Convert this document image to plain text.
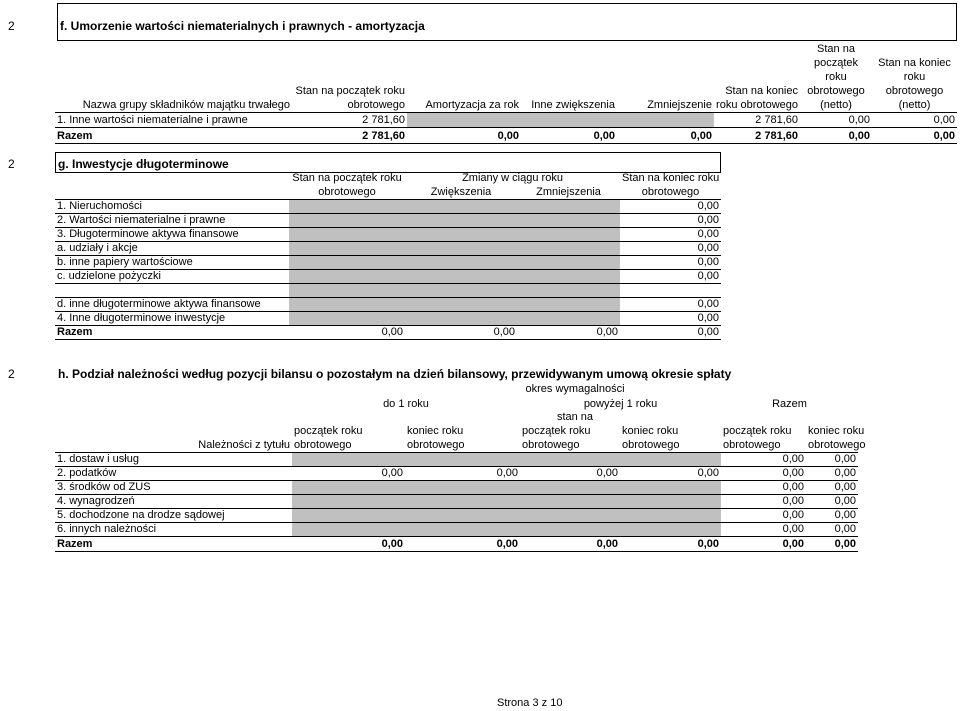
2	f. Umorzenie wartości niematerialnych i prawnych - amortyzacja
Nazwa grupy składników majątku trwałego	Stan na początek roku obrotowego	Amortyzacja za rok	Inne zwiększenia	Zmniejszenie	Stan na koniec roku obrotowego	Stan na początek roku obrotowego (netto)	Stan na koniec roku obrotowego (netto)
1. Inne wartości niematerialne i prawne	2 781,60				2 781,60	0,00	0,00
Razem	2 781,60	0,00	0,00	0,00	2 781,60	0,00	0,00
2	g. Inwestycje długoterminowe
	Stan na początek roku	Zmiany w ciągu roku		Stan na koniec roku
	obrotowego	Zwiększenia	Zmniejszenia	obrotowego
1. Nieruchomości				0,00
2. Wartości niematerialne i prawne				0,00
3. Długoterminowe aktywa finansowe				0,00
a. udziały i akcje				0,00
b. inne papiery wartościowe				0,00
c. udzielone pożyczki				0,00

d. inne długoterminowe aktywa finansowe				0,00
4. Inne długoterminowe inwestycje				0,00
Razem	0,00	0,00	0,00	0,00
2	h. Podział należności według pozycji bilansu o pozostałym na dzień bilansowy, przewidywanym umową okresie spłaty
	okres wymagalności					
	do 1 roku		powyżej 1 roku		Razem	
	stan na					
	początek roku	koniec roku	początek roku	koniec roku	początek roku	koniec roku
Należności z tytułu	obrotowego	obrotowego	obrotowego	obrotowego	obrotowego	obrotowego
1. dostaw i usług					0,00	0,00
2. podatków	0,00	0,00	0,00	0,00	0,00	0,00
3. środków od ZUS					0,00	0,00
4. wynagrodzeń					0,00	0,00
5. dochodzone na drodze sądowej					0,00	0,00
6. innych należności					0,00	0,00
Razem	0,00	0,00	0,00	0,00	0,00	0,00
Strona 3 z 10
